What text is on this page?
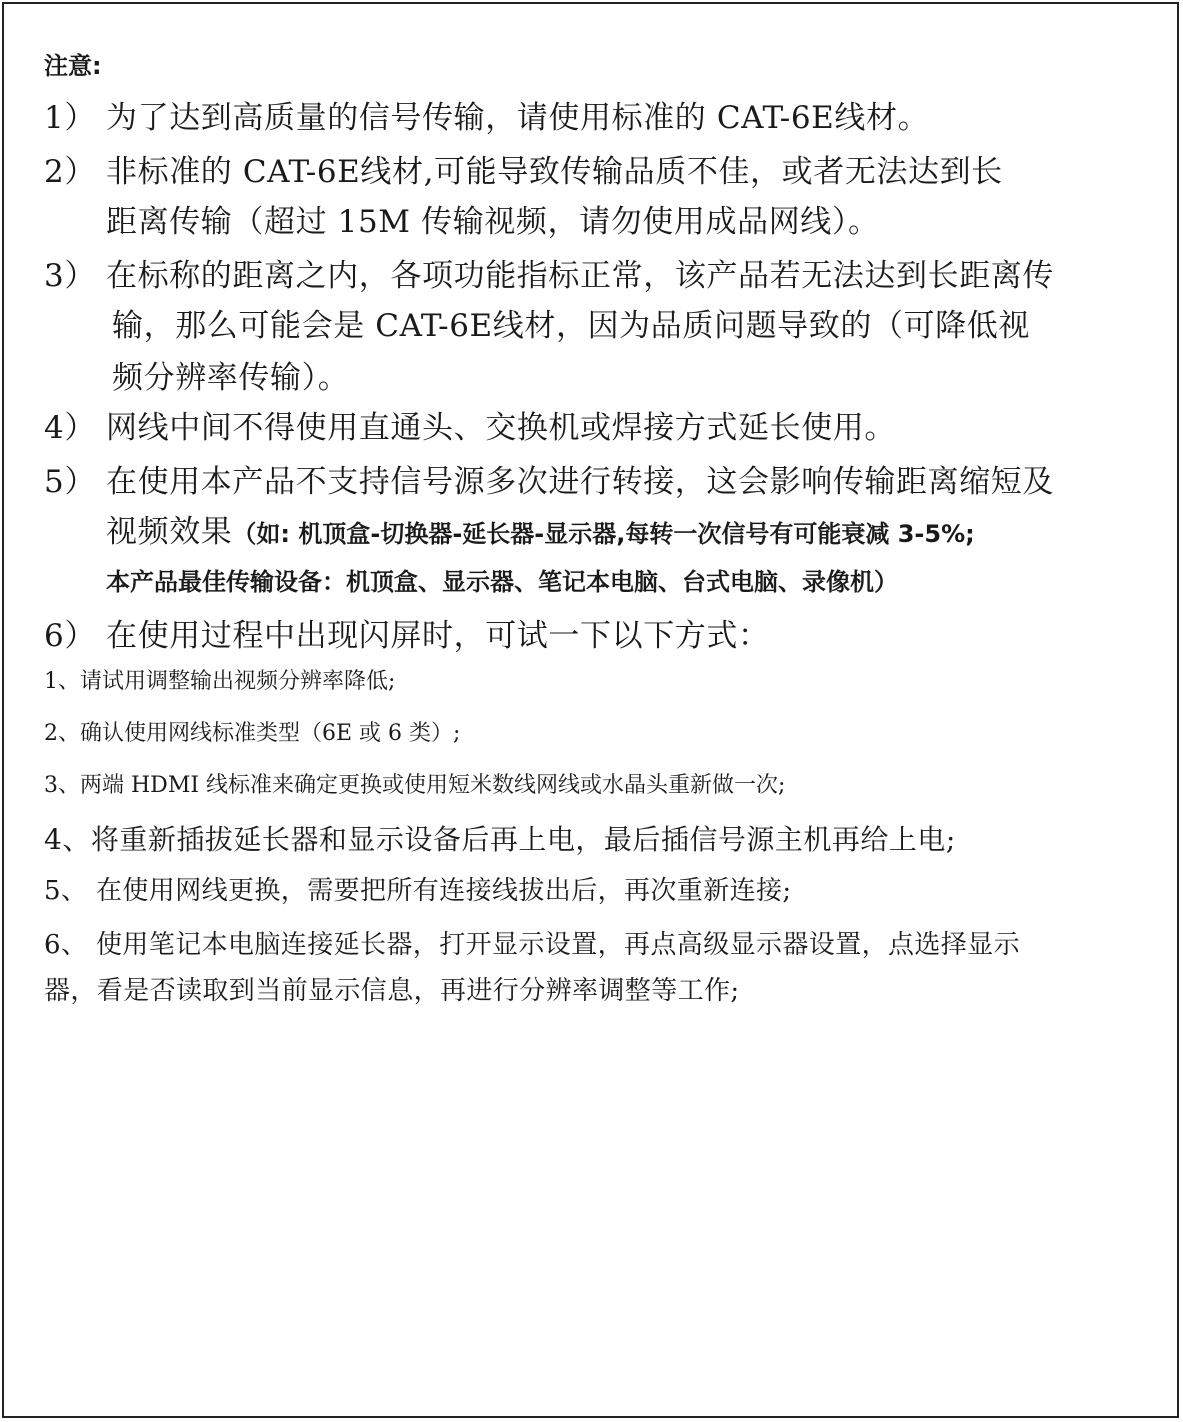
注意:
1） 为了达到高质量的信号传输，请使用标准的 CAT-6E线材。
2） 非标准的 CAT-6E线材,可能导致传输品质不佳，或者无法达到长
距离传输（超过 15M 传输视频，请勿使用成品网线）。
3） 在标称的距离之内，各项功能指标正常，该产品若无法达到长距离传
输，那么可能会是 CAT-6E线材，因为品质问题导致的（可降低视
频分辨率传输）。
4） 网线中间不得使用直通头、交换机或焊接方式延长使用。
5） 在使用本产品不支持信号源多次进行转接，这会影响传输距离缩短及
视频效果（如: 机顶盒-切换器-延长器-显示器,每转一次信号有可能衰减 3-5%;
本产品最佳传输设备：机顶盒、显示器、笔记本电脑、台式电脑、录像机）
6） 在使用过程中出现闪屏时，可试一下以下方式：
1、请试用调整输出视频分辨率降低;
2、确认使用网线标准类型（6E 或 6 类）;
3、两端 HDMI 线标准来确定更换或使用短米数线网线或水晶头重新做一次;
4、将重新插拔延长器和显示设备后再上电，最后插信号源主机再给上电;
5、 在使用网线更换，需要把所有连接线拔出后，再次重新连接;
6、 使用笔记本电脑连接延长器，打开显示设置，再点高级显示器设置，点选择显示
器，看是否读取到当前显示信息，再进行分辨率调整等工作;
